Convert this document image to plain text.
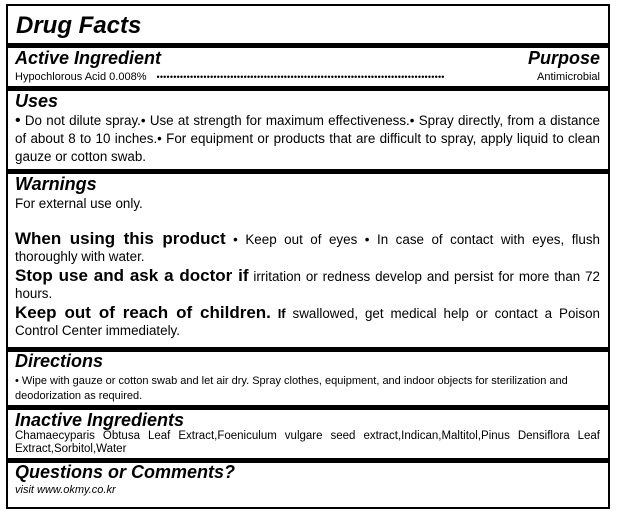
Drug Facts
Active Ingredient	Purpose
Hypochlorous Acid 0.008% ••••••••••••••••••••••••••••••••••••••••••••••••••••••••••••••••••••••••••••••••••••••	Antimicrobial
Uses
• Do not dilute spray.• Use at strength for maximum effectiveness.• Spray directly, from a distance of about 8 to 10 inches.• For equipment or products that are difficult to spray, apply liquid to clean gauze or cotton swab.
Warnings
For external use only.
When using this product • Keep out of eyes • In case of contact with eyes, flush thoroughly with water.
Stop use and ask a doctor if irritation or redness develop and persist for more than 72 hours.
Keep out of reach of children. If swallowed, get medical help or contact a Poison Control Center immediately.
Directions
• Wipe with gauze or cotton swab and let air dry. Spray clothes, equipment, and indoor objects for sterilization and deodorization as required.
Inactive Ingredients
Chamaecyparis Obtusa Leaf Extract,Foeniculum vulgare seed extract,Indican,Maltitol,Pinus Densiflora Leaf Extract,Sorbitol,Water
Questions or Comments?
visit www.okmy.co.kr
